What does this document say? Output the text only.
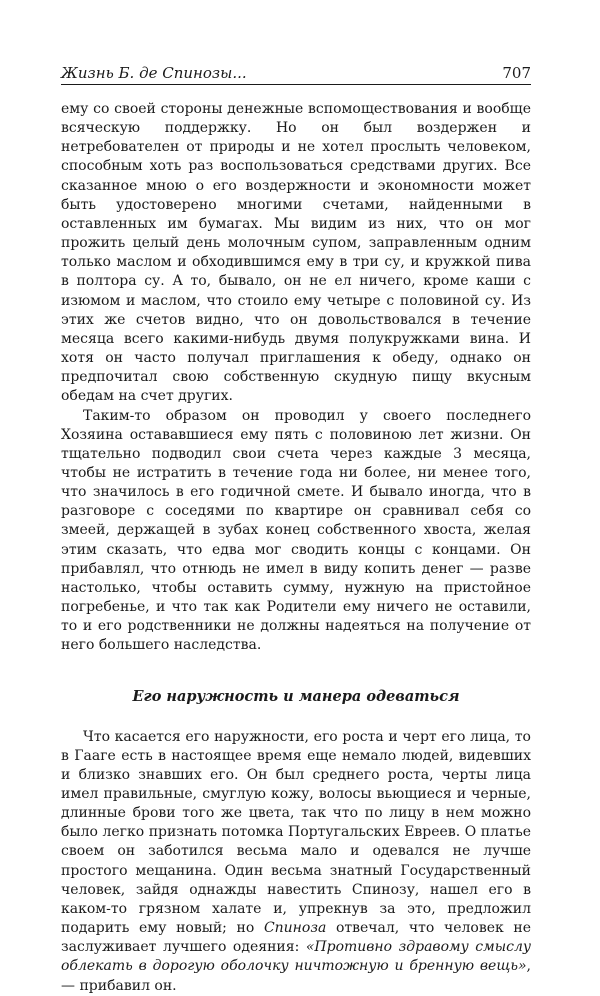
Жизнь Б. де Спинозы...	707

ему со своей стороны денежные вспомоществования и вообще всяческую поддержку. Но он был воздержен и нетребователен от природы и не хотел прослыть человеком, способным хоть раз воспользоваться средствами других. Все сказанное мною о его воздержности и экономности может быть удостоверено многими счетами, найденными в оставленных им бумагах. Мы видим из них, что он мог прожить целый день молочным супом, заправленным одним только маслом и обходившимся ему в три су, и кружкой пива в полтора су. А то, бывало, он не ел ничего, кроме каши с изюмом и маслом, что стоило ему четыре с половиной су. Из этих же счетов видно, что он довольствовался в течение месяца всего какими-нибудь двумя полукружками вина. И хотя он часто получал приглашения к обеду, однако он предпочитал свою собственную скудную пищу вкусным обедам на счет других.

Таким-то образом он проводил у своего последнего Хозяина остававшиеся ему пять с половиною лет жизни. Он тщательно подводил свои счета через каждые 3 месяца, чтобы не истратить в течение года ни более, ни менее того, что значилось в его годичной смете. И бывало иногда, что в разговоре с соседями по квартире он сравнивал себя со змеей, держащей в зубах конец собственного хвоста, желая этим сказать, что едва мог сводить концы с концами. Он прибавлял, что отнюдь не имел в виду копить денег — разве настолько, чтобы оставить сумму, нужную на пристойное погребенье, и что так как Родители ему ничего не оставили, то и его родственники не должны надеяться на получение от него большего наследства.

Его наружность и манера одеваться

Что касается его наружности, его роста и черт его лица, то в Гааге есть в настоящее время еще немало людей, видевших и близко знавших его. Он был среднего роста, черты лица имел правильные, смуглую кожу, волосы вьющиеся и черные, длинные брови того же цвета, так что по лицу в нем можно было легко признать потомка Португальских Евреев. О платье своем он заботился весьма мало и одевался не лучше простого мещанина. Один весьма знатный Государственный человек, зайдя однажды навестить Спинозу, нашел его в каком-то грязном халате и, упрекнув за это, предложил подарить ему новый; но Спиноза отвечал, что человек не заслуживает лучшего одеяния: «Противно здравому смыслу облекать в дорогую оболочку ничтожную и бренную вещь», — прибавил он.
